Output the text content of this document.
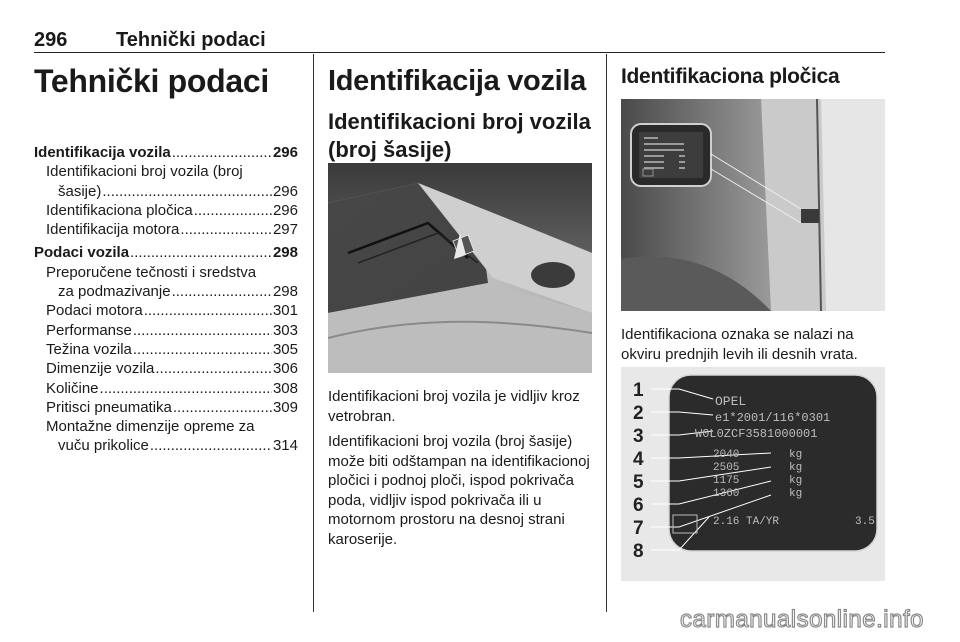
296 Tehnički podaci
Tehnički podaci
Identifikacija vozila .....	296
Identifikacioni broj vozila (broj
šasije) .....	296
Identifikaciona pločica .....	296
Identifikacija motora .....	297
Podaci vozila .....	298
Preporučene tečnosti i sredstva
za podmazivanje .....	298
Podaci motora .....	301
Performanse .....	303
Težina vozila .....	305
Dimenzije vozila .....	306
Količine .....	308
Pritisci pneumatika .....	309
Montažne dimenzije opreme za
vuču prikolice .....	314
Identifikacija vozila
Identifikacioni broj vozila
(broj šasije)

Identifikacioni broj vozila je vidljiv kroz vetrobran.

Identifikacioni broj vozila (broj šasije) može biti odštampan na identifikacionoj pločici i podnoj ploči, ispod pokrivača poda, vidljiv ispod pokrivača ili u motornom prostoru na desnoj strani karoserije.

Identifikaciona pločica

Identifikaciona oznaka se nalazi na okviru prednjih levih ili desnih vrata.

1
2
3
4
5
6
7
8
OPEL
e1*2001/116*0301
W0L0ZCF3581000001
2040	kg
2505	kg
1175	kg
1360	kg
2.16 TA/YR	3.5
carmanualsonline.info
